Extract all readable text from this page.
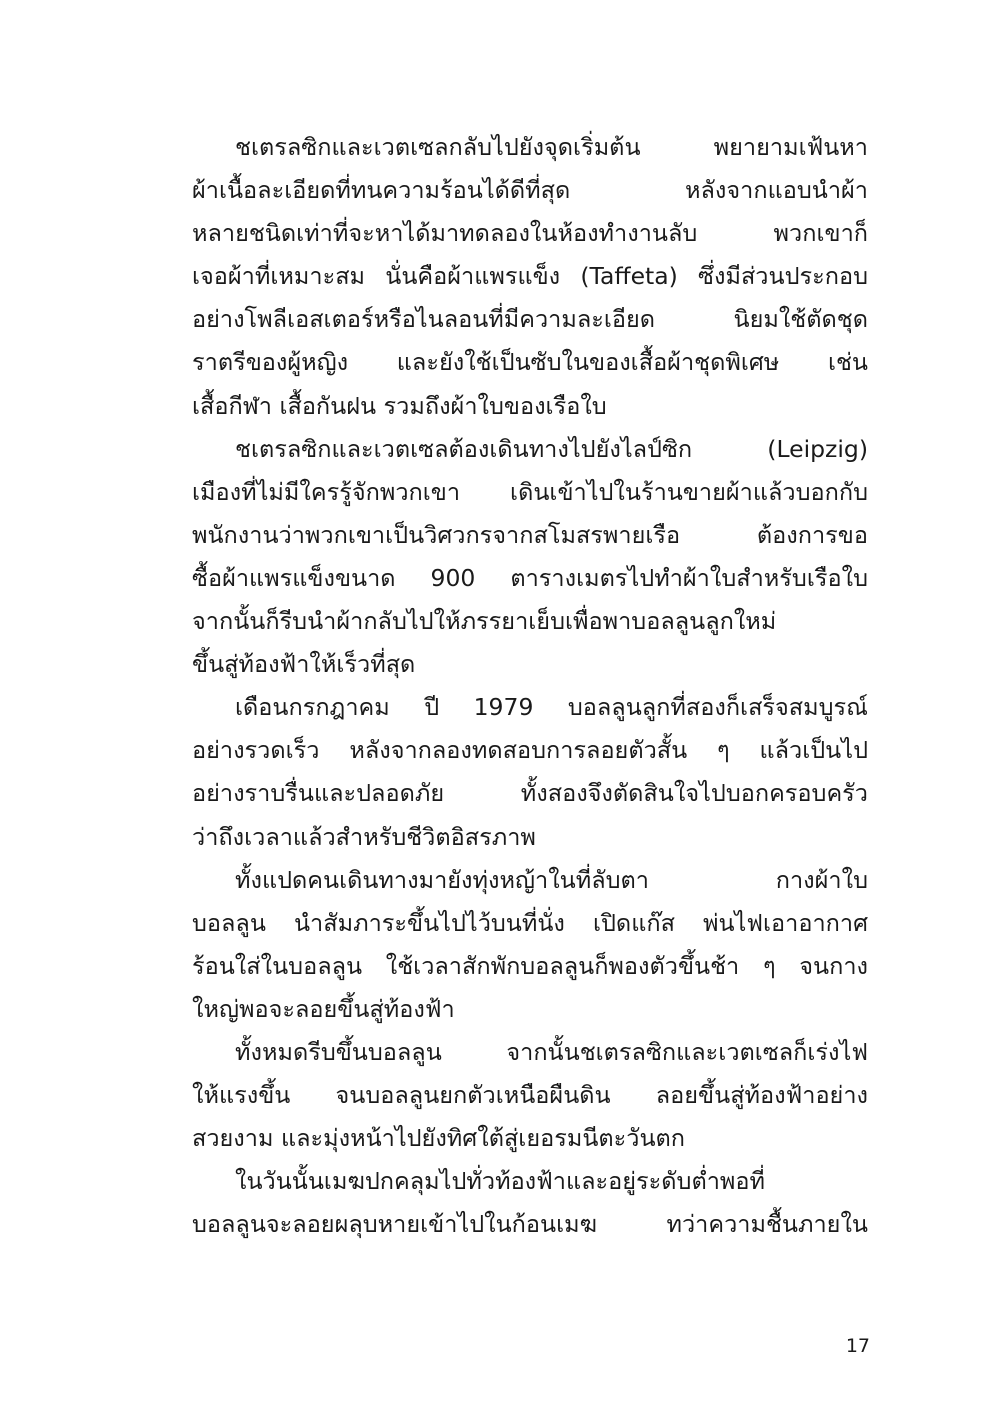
ชเตรลซิกและเวตเซลกลับไปยังจุดเริ่มต้น พยายามเฟ้นหา
ผ้าเนื้อละเอียดที่ทนความร้อนได้ดีที่สุด หลังจากแอบนำผ้า
หลายชนิดเท่าที่จะหาได้มาทดลองในห้องทำงานลับ พวกเขาก็
เจอผ้าที่เหมาะสม นั่นคือผ้าแพรแข็ง (Taffeta) ซึ่งมีส่วนประกอบ
อย่างโพลีเอสเตอร์หรือไนลอนที่มีความละเอียด นิยมใช้ตัดชุด
ราตรีของผู้หญิง และยังใช้เป็นซับในของเสื้อผ้าชุดพิเศษ เช่น
เสื้อกีฬา เสื้อกันฝน รวมถึงผ้าใบของเรือใบ
ชเตรลซิกและเวตเซลต้องเดินทางไปยังไลป์ซิก (Leipzig)
เมืองที่ไม่มีใครรู้จักพวกเขา เดินเข้าไปในร้านขายผ้าแล้วบอกกับ
พนักงานว่าพวกเขาเป็นวิศวกรจากสโมสรพายเรือ ต้องการขอ
ซื้อผ้าแพรแข็งขนาด 900 ตารางเมตรไปทำผ้าใบสำหรับเรือใบ
จากนั้นก็รีบนำผ้ากลับไปให้ภรรยาเย็บเพื่อพาบอลลูนลูกใหม่
ขึ้นสู่ท้องฟ้าให้เร็วที่สุด
เดือนกรกฎาคม ปี 1979 บอลลูนลูกที่สองก็เสร็จสมบูรณ์
อย่างรวดเร็ว หลังจากลองทดสอบการลอยตัวสั้น ๆ แล้วเป็นไป
อย่างราบรื่นและปลอดภัย ทั้งสองจึงตัดสินใจไปบอกครอบครัว
ว่าถึงเวลาแล้วสำหรับชีวิตอิสรภาพ
ทั้งแปดคนเดินทางมายังทุ่งหญ้าในที่ลับตา กางผ้าใบ
บอลลูน นำสัมภาระขึ้นไปไว้บนที่นั่ง เปิดแก๊ส พ่นไฟเอาอากาศ
ร้อนใส่ในบอลลูน ใช้เวลาสักพักบอลลูนก็พองตัวขึ้นช้า ๆ จนกาง
ใหญ่พอจะลอยขึ้นสู่ท้องฟ้า
ทั้งหมดรีบขึ้นบอลลูน จากนั้นชเตรลซิกและเวตเซลก็เร่งไฟ
ให้แรงขึ้น จนบอลลูนยกตัวเหนือผืนดิน ลอยขึ้นสู่ท้องฟ้าอย่าง
สวยงาม และมุ่งหน้าไปยังทิศใต้สู่เยอรมนีตะวันตก
ในวันนั้นเมฆปกคลุมไปทั่วท้องฟ้าและอยู่ระดับต่ำพอที่
บอลลูนจะลอยผลุบหายเข้าไปในก้อนเมฆ ทว่าความชื้นภายใน
17
